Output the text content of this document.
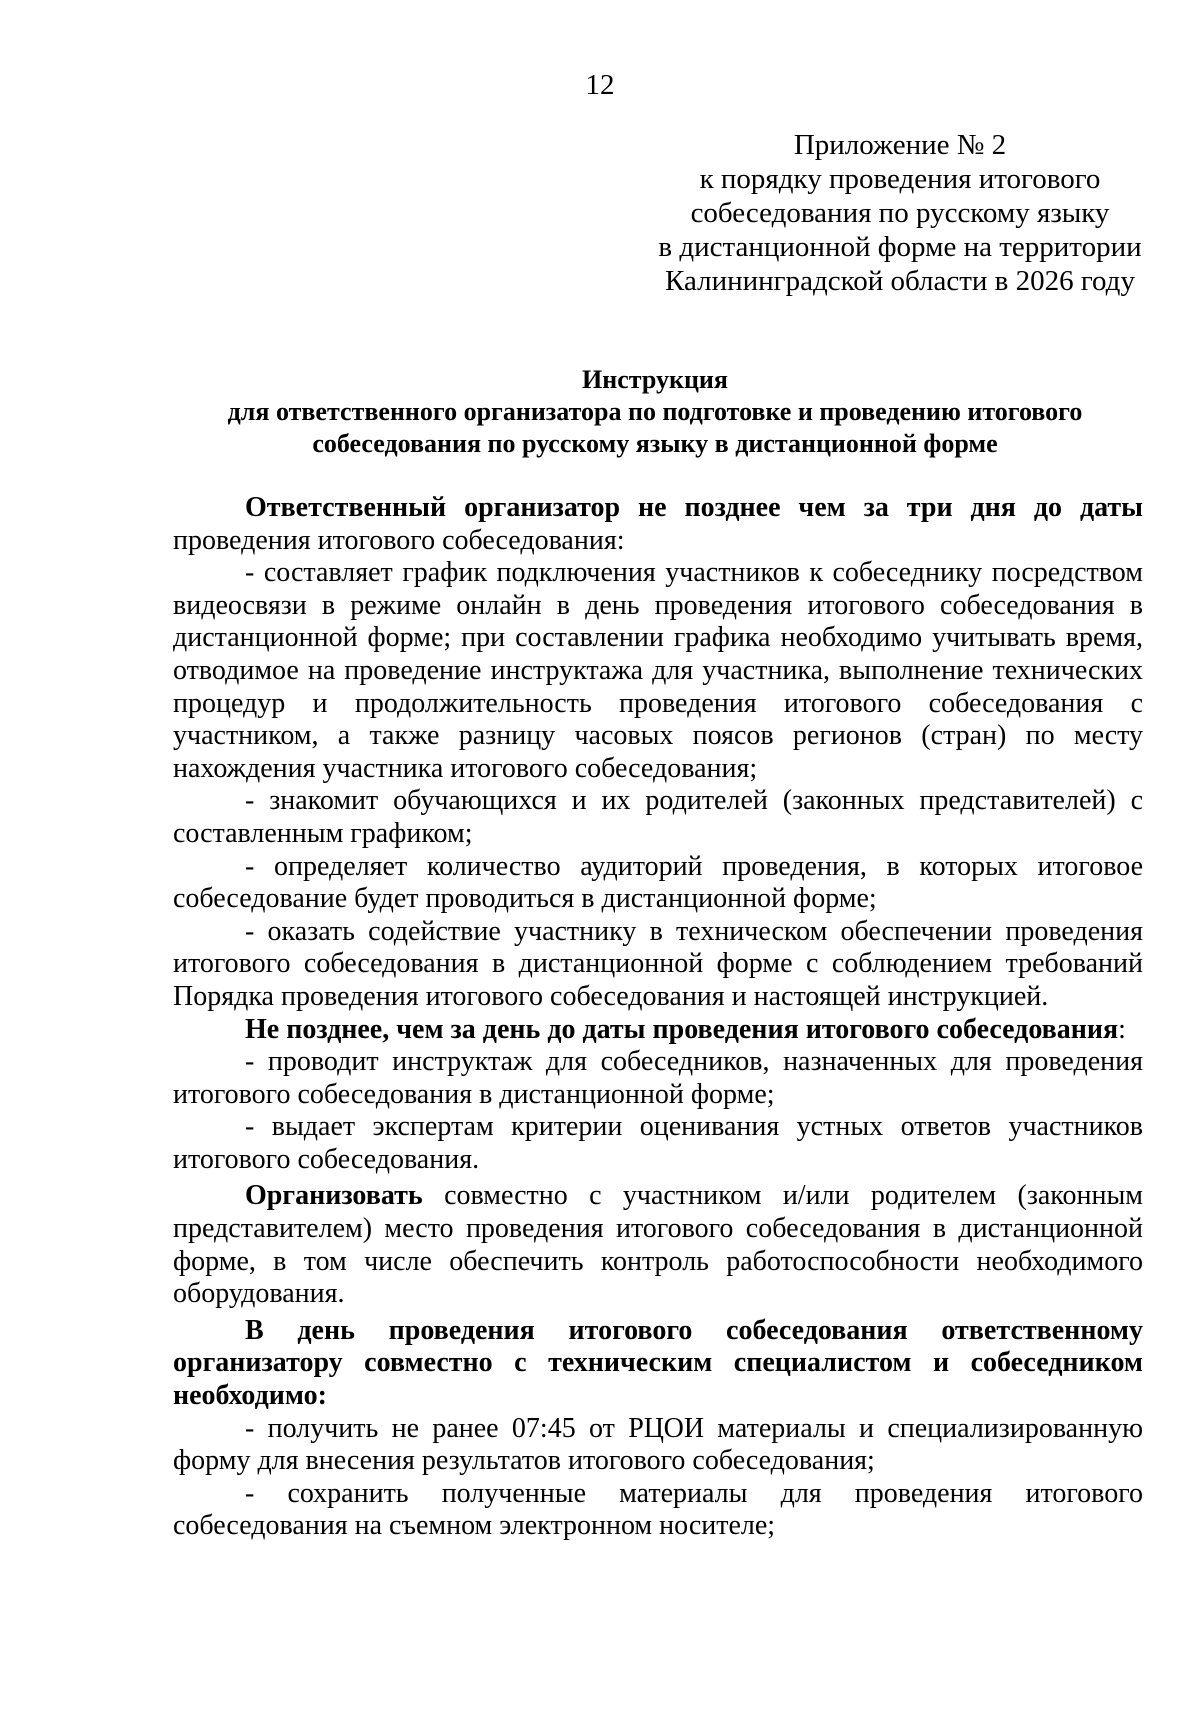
12
Приложение № 2
к порядку проведения итогового
собеседования по русскому языку
в дистанционной форме на территории
Калининградской области в 2026 году
Инструкция
для ответственного организатора по подготовке и проведению итогового
собеседования по русскому языку в дистанционной форме

Ответственный организатор не позднее чем за три дня до даты проведения итогового собеседования:

- составляет график подключения участников к собеседнику посредством видеосвязи в режиме онлайн в день проведения итогового собеседования в дистанционной форме; при составлении графика необходимо учитывать время, отводимое на проведение инструктажа для участника, выполнение технических процедур и продолжительность проведения итогового собеседования с участником, а также разницу часовых поясов регионов (стран) по месту нахождения участника итогового собеседования;

- знакомит обучающихся и их родителей (законных представителей) с составленным графиком;

- определяет количество аудиторий проведения, в которых итоговое собеседование будет проводиться в дистанционной форме;

- оказать содействие участнику в техническом обеспечении проведения итогового собеседования в дистанционной форме с соблюдением требований Порядка проведения итогового собеседования и настоящей инструкцией.

Не позднее, чем за день до даты проведения итогового собеседования:

- проводит инструктаж для собеседников, назначенных для проведения итогового собеседования в дистанционной форме;

- выдает экспертам критерии оценивания устных ответов участников итогового собеседования.

Организовать совместно с участником и/или родителем (законным представителем) место проведения итогового собеседования в дистанционной форме, в том числе обеспечить контроль работоспособности необходимого оборудования.

В день проведения итогового собеседования ответственному организатору совместно с техническим специалистом и собеседником необходимо:

- получить не ранее 07:45 от РЦОИ материалы и специализированную форму для внесения результатов итогового собеседования;

- сохранить полученные материалы для проведения итогового собеседования на съемном электронном носителе;
